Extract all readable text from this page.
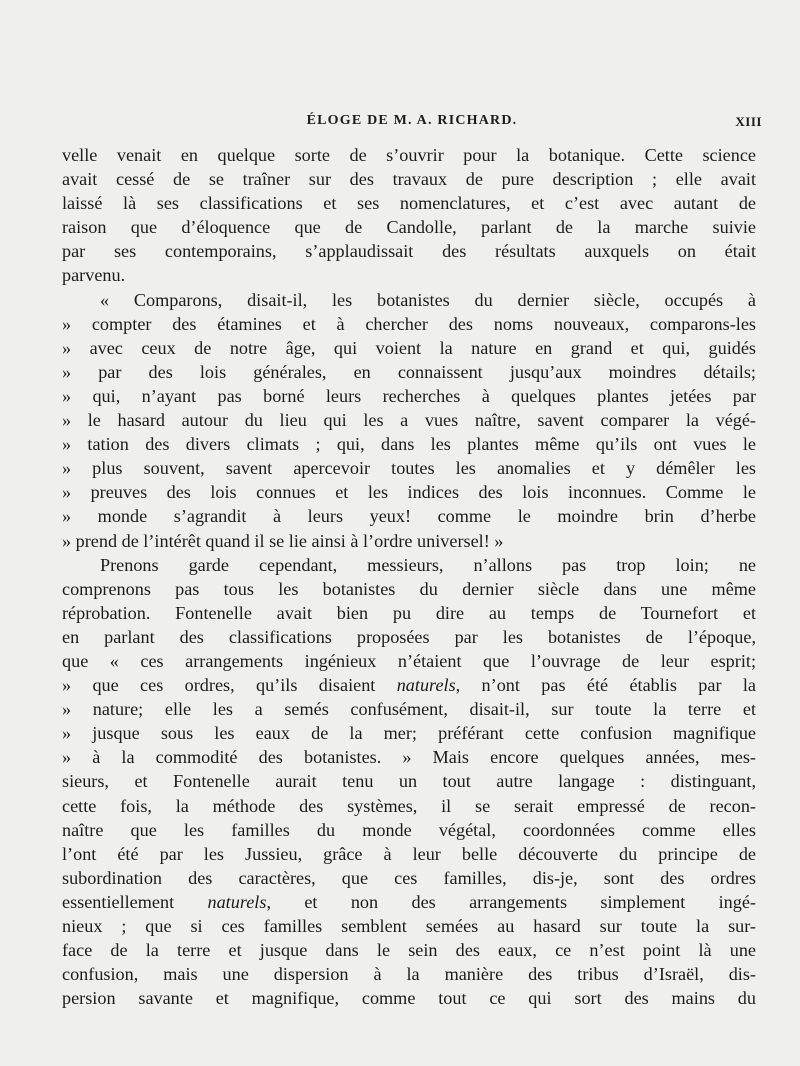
ÉLOGE DE M. A. RICHARD.	XIII
velle venait en quelque sorte de s’ouvrir pour la botanique. Cette science
avait cessé de se traîner sur des travaux de pure description ; elle avait
laissé là ses classifications et ses nomenclatures, et c’est avec autant de
raison que d’éloquence que de Candolle, parlant de la marche suivie
par ses contemporains, s’applaudissait des résultats auxquels on était
parvenu.
« Comparons, disait-il, les botanistes du dernier siècle, occupés à
» compter des étamines et à chercher des noms nouveaux, comparons-les
» avec ceux de notre âge, qui voient la nature en grand et qui, guidés
» par des lois générales, en connaissent jusqu’aux moindres détails;
» qui, n’ayant pas borné leurs recherches à quelques plantes jetées par
» le hasard autour du lieu qui les a vues naître, savent comparer la végé-
» tation des divers climats ; qui, dans les plantes même qu’ils ont vues le
» plus souvent, savent apercevoir toutes les anomalies et y démêler les
» preuves des lois connues et les indices des lois inconnues. Comme le
» monde s’agrandit à leurs yeux! comme le moindre brin d’herbe
» prend de l’intérêt quand il se lie ainsi à l’ordre universel! »
Prenons garde cependant, messieurs, n’allons pas trop loin; ne
comprenons pas tous les botanistes du dernier siècle dans une même
réprobation. Fontenelle avait bien pu dire au temps de Tournefort et
en parlant des classifications proposées par les botanistes de l’époque,
que « ces arrangements ingénieux n’étaient que l’ouvrage de leur esprit;
» que ces ordres, qu’ils disaient naturels, n’ont pas été établis par la
» nature; elle les a semés confusément, disait-il, sur toute la terre et
» jusque sous les eaux de la mer; préférant cette confusion magnifique
» à la commodité des botanistes. » Mais encore quelques années, mes-
sieurs, et Fontenelle aurait tenu un tout autre langage : distinguant,
cette fois, la méthode des systèmes, il se serait empressé de recon-
naître que les familles du monde végétal, coordonnées comme elles
l’ont été par les Jussieu, grâce à leur belle découverte du principe de
subordination des caractères, que ces familles, dis-je, sont des ordres
essentiellement naturels, et non des arrangements simplement ingé-
nieux ; que si ces familles semblent semées au hasard sur toute la sur-
face de la terre et jusque dans le sein des eaux, ce n’est point là une
confusion, mais une dispersion à la manière des tribus d’Israël, dis-
persion savante et magnifique, comme tout ce qui sort des mains du
